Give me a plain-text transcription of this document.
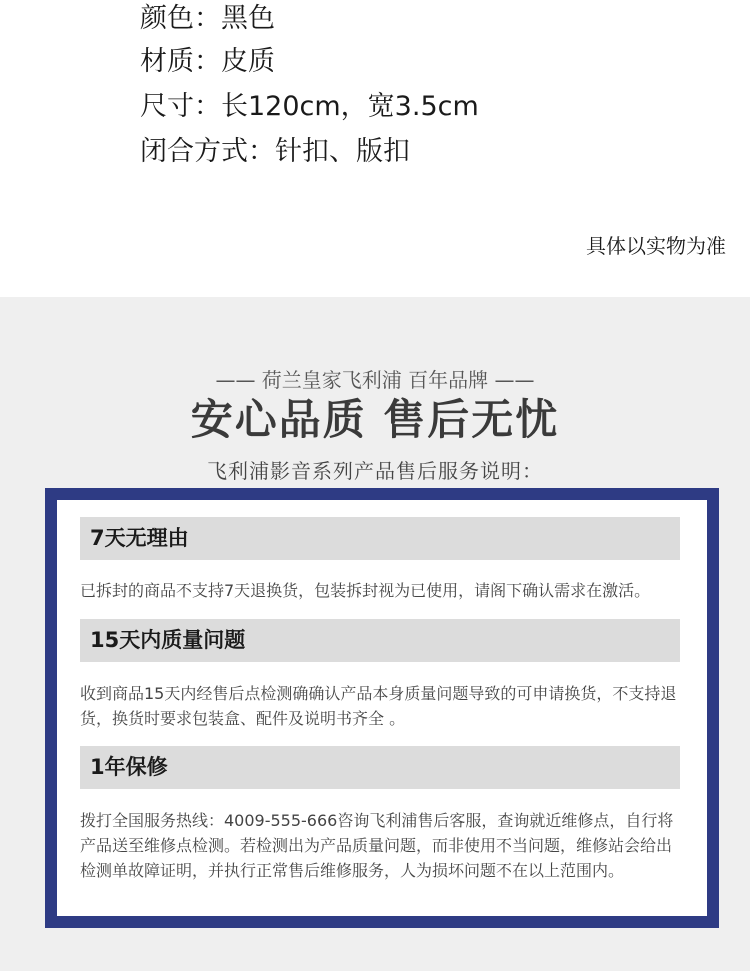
颜色：黑色
材质：皮质
尺寸：长120cm，宽3.5cm
闭合方式：针扣、版扣
具体以实物为准
—— 荷兰皇家飞利浦 百年品牌 ——
安心品质 售后无忧
飞利浦影音系列产品售后服务说明：
7天无理由
已拆封的商品不支持7天退换货，包装拆封视为已使用，请阁下确认需求在激活。
15天内质量问题
收到商品15天内经售后点检测确确认产品本身质量问题导致的可申请换货，不支持退货，换货时要求包装盒、配件及说明书齐全 。
1年保修
拨打全国服务热线：4009-555-666咨询飞利浦售后客服，查询就近维修点，自行将产品送至维修点检测。若检测出为产品质量问题，而非使用不当问题，维修站会给出检测单故障证明，并执行正常售后维修服务，人为损坏问题不在以上范围内。
